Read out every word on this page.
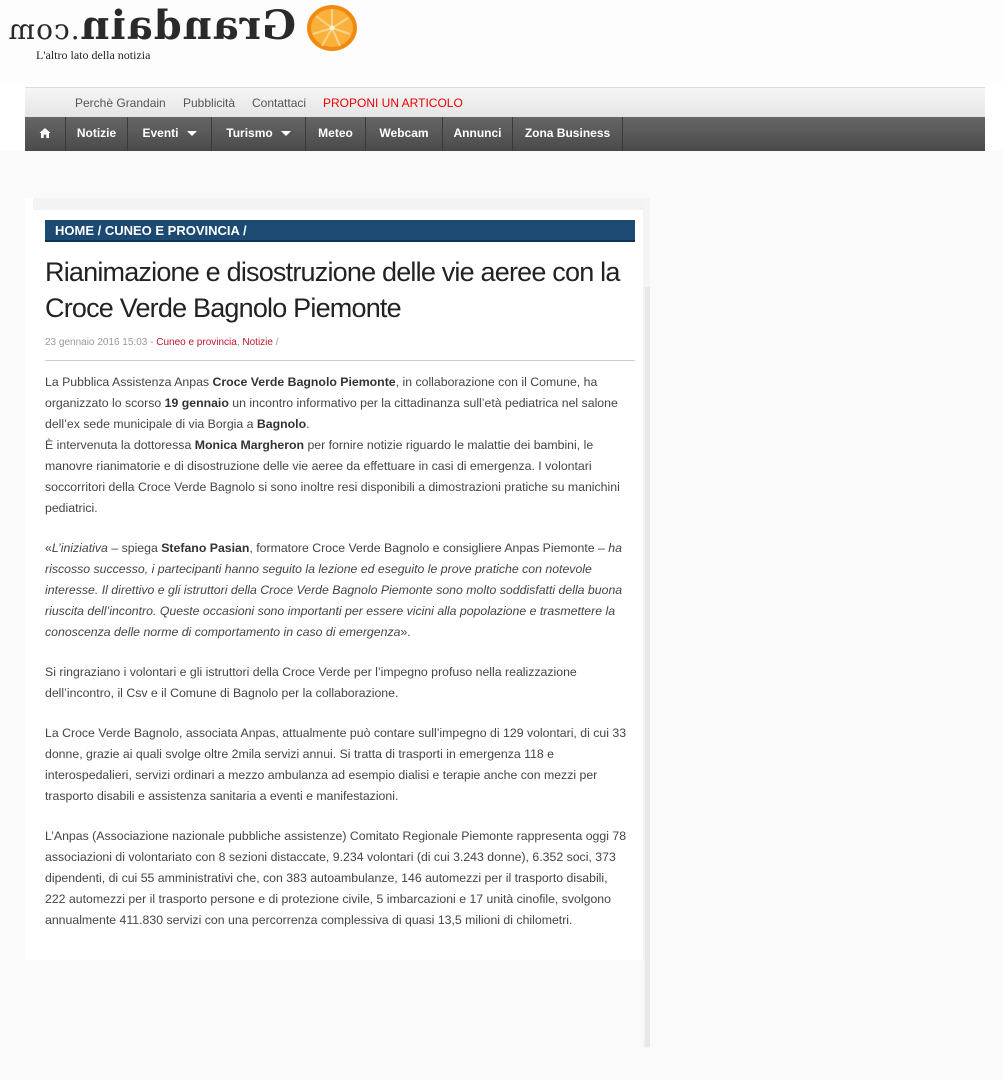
Grandain.com
L'altro lato della notizia
Perchè Grandain Pubblicità Contattaci PROPONI UN ARTICOLO
Notizie	Eventi	Turismo	Meteo	Webcam	Annunci	Zona Business
HOME / CUNEO E PROVINCIA /
Rianimazione e disostruzione delle vie aeree con la Croce Verde Bagnolo Piemonte
23 gennaio 2016 15:03 - Cuneo e provincia, Notizie /

La Pubblica Assistenza Anpas Croce Verde Bagnolo Piemonte, in collaborazione con il Comune, ha organizzato lo scorso 19 gennaio un incontro informativo per la cittadinanza sull’età pediatrica nel salone dell’ex sede municipale di via Borgia a Bagnolo.
È intervenuta la dottoressa Monica Margheron per fornire notizie riguardo le malattie dei bambini, le manovre rianimatorie e di disostruzione delle vie aeree da effettuare in casi di emergenza. I volontari soccorritori della Croce Verde Bagnolo si sono inoltre resi disponibili a dimostrazioni pratiche su manichini pediatrici.

«L’iniziativa – spiega Stefano Pasian, formatore Croce Verde Bagnolo e consigliere Anpas Piemonte – ha riscosso successo, i partecipanti hanno seguito la lezione ed eseguito le prove pratiche con notevole interesse. Il direttivo e gli istruttori della Croce Verde Bagnolo Piemonte sono molto soddisfatti della buona riuscita dell’incontro. Queste occasioni sono importanti per essere vicini alla popolazione e trasmettere la conoscenza delle norme di comportamento in caso di emergenza».

Si ringraziano i volontari e gli istruttori della Croce Verde per l’impegno profuso nella realizzazione dell’incontro, il Csv e il Comune di Bagnolo per la collaborazione.

La Croce Verde Bagnolo, associata Anpas, attualmente può contare sull’impegno di 129 volontari, di cui 33 donne, grazie ai quali svolge oltre 2mila servizi annui. Si tratta di trasporti in emergenza 118 e interospedalieri, servizi ordinari a mezzo ambulanza ad esempio dialisi e terapie anche con mezzi per trasporto disabili e assistenza sanitaria a eventi e manifestazioni.

L’Anpas (Associazione nazionale pubbliche assistenze) Comitato Regionale Piemonte rappresenta oggi 78 associazioni di volontariato con 8 sezioni distaccate, 9.234 volontari (di cui 3.243 donne), 6.352 soci, 373 dipendenti, di cui 55 amministrativi che, con 383 autoambulanze, 146 automezzi per il trasporto disabili, 222 automezzi per il trasporto persone e di protezione civile, 5 imbarcazioni e 17 unità cinofile, svolgono annualmente 411.830 servizi con una percorrenza complessiva di quasi 13,5 milioni di chilometri.
